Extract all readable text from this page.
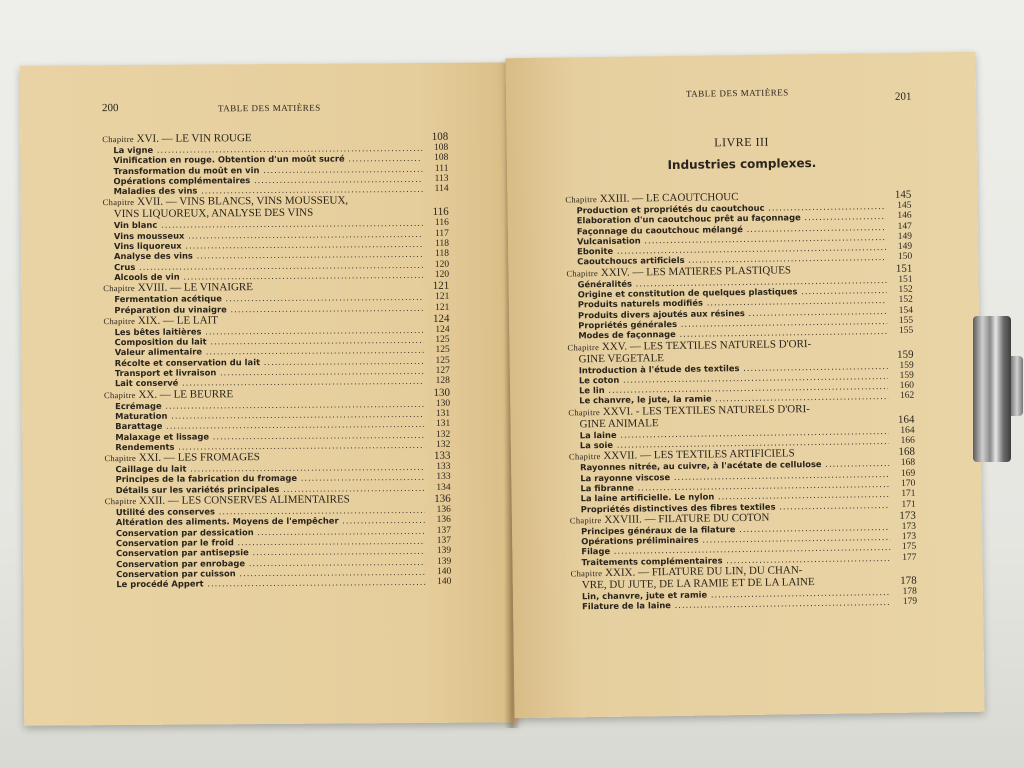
200	TABLE DES MATIÈRES
Chapitre XVI. — LE VIN ROUGE	108
La vigne .....	108
Vinification en rouge. Obtention d'un moût sucré .....	108
Transformation du moût en vin .....	111
Opérations complémentaires .....	113
Maladies des vins .....	114
Chapitre XVII. — VINS BLANCS, VINS MOUSSEUX,
VINS LIQUOREUX, ANALYSE DES VINS	116
Vin blanc .....	116
Vins mousseux .....	117
Vins liquoreux .....	118
Analyse des vins .....	118
Crus .....	120
Alcools de vin .....	120
Chapitre XVIII. — LE VINAIGRE	121
Fermentation acétique .....	121
Préparation du vinaigre .....	121
Chapitre XIX. — LE LAIT	124
Les bêtes laitières .....	124
Composition du lait .....	125
Valeur alimentaire .....	125
Récolte et conservation du lait .....	125
Transport et livraison .....	127
Lait conservé .....	128
Chapitre XX. — LE BEURRE	130
Ecrémage .....	130
Maturation .....	131
Barattage .....	131
Malaxage et lissage .....	132
Rendements .....	132
Chapitre XXI. — LES FROMAGES	133
Caillage du lait .....	133
Principes de la fabrication du fromage .....	133
Détails sur les variétés principales .....	134
Chapitre XXII. — LES CONSERVES ALIMENTAIRES	136
Utilité des conserves .....	136
Altération des aliments. Moyens de l'empêcher .....	136
Conservation par dessication .....	137
Conservation par le froid .....	137
Conservation par antisepsie .....	139
Conservation par enrobage .....	139
Conservation par cuisson .....	140
Le procédé Appert .....	140
TABLE DES MATIÈRES	201
LIVRE III
Industries complexes.
Chapitre XXIII. — LE CAOUTCHOUC	145
Production et propriétés du caoutchouc .....	145
Elaboration d'un caoutchouc prêt au façonnage .....	146
Façonnage du caoutchouc mélangé .....	147
Vulcanisation .....	149
Ebonite .....	149
Caoutchoucs artificiels .....	150
Chapitre XXIV. — LES MATIERES PLASTIQUES	151
Généralités .....	151
Origine et constitution de quelques plastiques .....	152
Produits naturels modifiés .....	152
Produits divers ajoutés aux résines .....	154
Propriétés générales .....	155
Modes de façonnage .....	155
Chapitre XXV. — LES TEXTILES NATURELS D'ORI-
GINE VEGETALE	159
Introduction à l'étude des textiles .....	159
Le coton .....	159
Le lin .....	160
Le chanvre, le jute, la ramie .....	162
Chapitre XXVI. - LES TEXTILES NATURELS D'ORI-
GINE ANIMALE	164
La laine .....	164
La soie .....	166
Chapitre XXVII. — LES TEXTILES ARTIFICIELS	168
Rayonnes nitrée, au cuivre, à l'acétate de cellulose .....	168
La rayonne viscose .....	169
La fibranne .....	170
La laine artificielle. Le nylon .....	171
Propriétés distinctives des fibres textiles .....	171
Chapitre XXVIII. — FILATURE DU COTON	173
Principes généraux de la filature .....	173
Opérations préliminaires .....	173
Filage .....	175
Traitements complémentaires .....	177
Chapitre XXIX. — FILATURE DU LIN, DU CHAN-
VRE, DU JUTE, DE LA RAMIE ET DE LA LAINE	178
Lin, chanvre, jute et ramie .....	178
Filature de la laine .....	179
